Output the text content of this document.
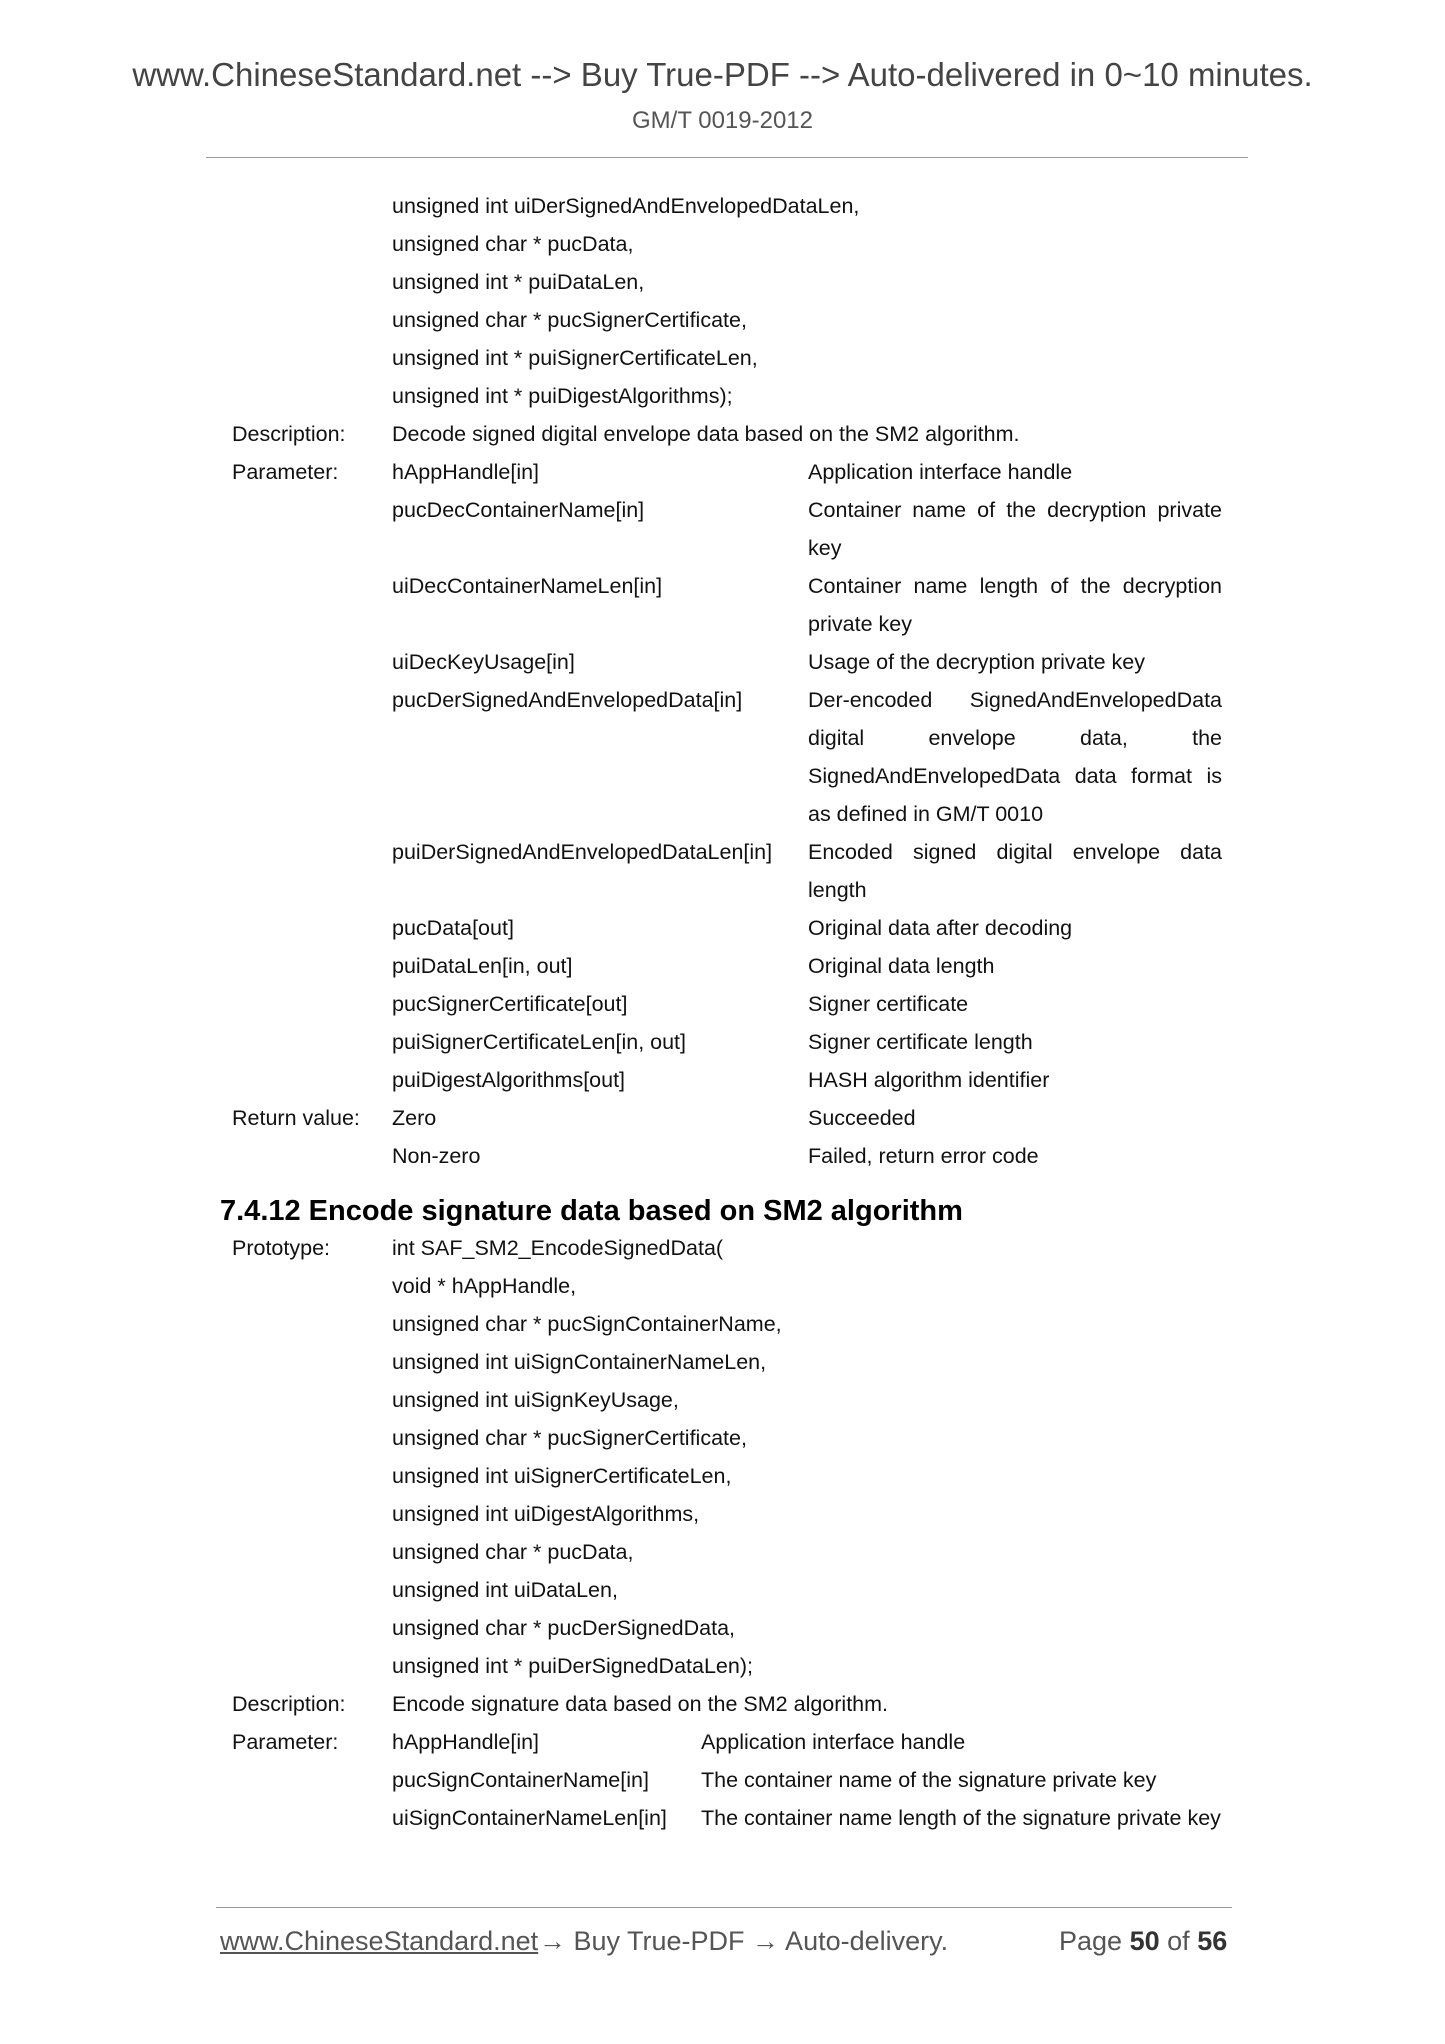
www.ChineseStandard.net --> Buy True-PDF --> Auto-delivered in 0~10 minutes.
GM/T 0019-2012
unsigned int uiDerSignedAndEnvelopedDataLen,
unsigned char * pucData,
unsigned int * puiDataLen,
unsigned char * pucSignerCertificate,
unsigned int * puiSignerCertificateLen,
unsigned int * puiDigestAlgorithms);
Description: Decode signed digital envelope data based on the SM2 algorithm.
Parameter: hAppHandle[in]	Application interface handle
pucDecContainerName[in]	Container name of the decryption private
key
uiDecContainerNameLen[in]	Container name length of the decryption
private key
uiDecKeyUsage[in]	Usage of the decryption private key
pucDerSignedAndEnvelopedData[in]	Der-encoded SignedAndEnvelopedData
digital envelope data, the
SignedAndEnvelopedData data format is
as defined in GM/T 0010
puiDerSignedAndEnvelopedDataLen[in] Encoded signed digital envelope data
length
pucData[out]	Original data after decoding
puiDataLen[in, out]	Original data length
pucSignerCertificate[out]	Signer certificate
puiSignerCertificateLen[in, out]	Signer certificate length
puiDigestAlgorithms[out]	HASH algorithm identifier
Return value: Zero	Succeeded
Non-zero	Failed, return error code
7.4.12 Encode signature data based on SM2 algorithm
Prototype:	int SAF_SM2_EncodeSignedData(
void * hAppHandle,
unsigned char * pucSignContainerName,
unsigned int uiSignContainerNameLen,
unsigned int uiSignKeyUsage,
unsigned char * pucSignerCertificate,
unsigned int uiSignerCertificateLen,
unsigned int uiDigestAlgorithms,
unsigned char * pucData,
unsigned int uiDataLen,
unsigned char * pucDerSignedData,
unsigned int * puiDerSignedDataLen);
Description: Encode signature data based on the SM2 algorithm.
Parameter: hAppHandle[in]	Application interface handle
pucSignContainerName[in] The container name of the signature private key
uiSignContainerNameLen[in] The container name length of the signature private key
www.ChineseStandard.net → Buy True-PDF → Auto-delivery.	Page 50 of 56
